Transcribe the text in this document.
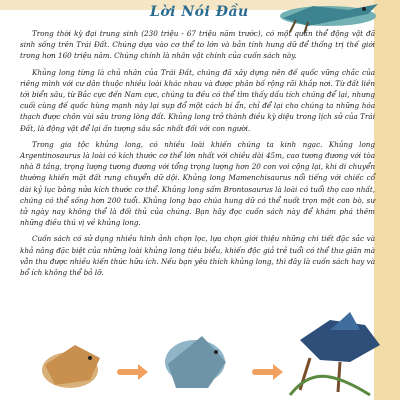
Lời Nói Đầu

Trong thời kỳ đại trung sinh (230 triệu - 67 triệu năm trước), có một quần thể động vật đã sinh sống trên Trái Đất. Chúng dựa vào cơ thể to lớn và bản tính hung dữ để thống trị thế giới trong hơn 160 triệu năm. Chúng chính là nhân vật chính của cuốn sách này.

Khủng long từng là chủ nhân của Trái Đất, chúng đã xây dựng nên đế quốc vững chắc của riêng mình với cư dân thuộc nhiều loài khác nhau và được phân bố rộng rãi khắp nơi. Từ đất liền tới biển sâu, từ Bắc cực đến Nam cực, chúng ta đều có thể tìm thấy dấu tích chúng để lại, nhưng cuối cùng đế quốc hùng mạnh này lại sụp đổ một cách bí ẩn, chỉ để lại cho chúng ta những hóa thạch được chôn vùi sâu trong lòng đất. Khủng long trở thành điều kỳ diệu trong lịch sử của Trái Đất, là động vật để lại ấn tượng sâu sắc nhất đối với con người.

Trong gia tộc khủng long, có nhiều loài khiến chúng ta kinh ngạc. Khủng long Argentinosaurus là loài có kích thước cơ thể lớn nhất với chiều dài 45m, cao tương đương với tòa nhà 8 tầng, trọng lượng tương đương với tổng trọng lượng hơn 20 con voi cộng lại, khi di chuyển thường khiến mặt đất rung chuyển dữ dội. Khủng long Mamenchisaurus nổi tiếng với chiếc cổ dài kỷ lục bằng nửa kích thước cơ thể. Khủng long sấm Brontosaurus là loài có tuổi thọ cao nhất, chúng có thể sống hơn 200 tuổi. Khủng long bạo chúa hung dữ có thể nuốt trọn một con bò, sư tử ngày nay không thể là đối thủ của chúng. Bạn hãy đọc cuốn sách này để khám phá thêm những điều thú vị về khủng long.

Cuốn sách có sử dụng nhiều hình ảnh chọn lọc, lựa chọn giới thiệu những chi tiết đặc sắc và khả năng đặc biệt của những loài khủng long tiêu biểu, khiến độc giả trẻ tuổi có thể thư giãn mà vẫn thu được nhiều kiến thức hữu ích. Nếu bạn yêu thích khủng long, thì đây là cuốn sách hay và bổ ích không thể bỏ lỡ.
